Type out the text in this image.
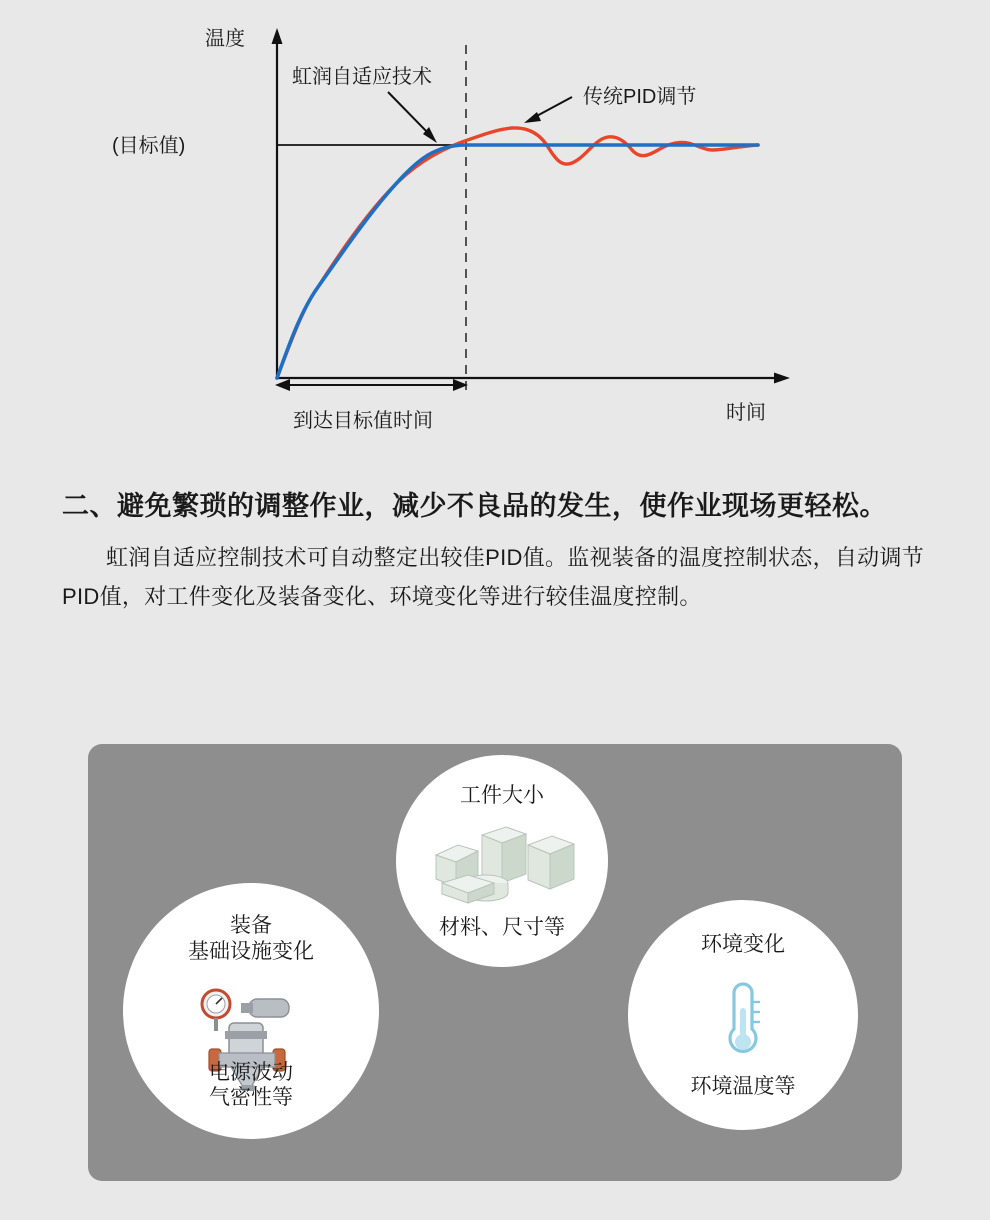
温度
(目标值)
时间
虹润自适应技术
传统PID调节
到达目标值时间
二、避免繁琐的调整作业，减少不良品的发生，使作业现场更轻松。

虹润自适应控制技术可自动整定出较佳PID值。监视装备的温度控制状态，自动调节PID值，对工件变化及装备变化、环境变化等进行较佳温度控制。

工件大小
材料、尺寸等
装备
基础设施变化
电源波动
气密性等
环境变化
环境温度等
